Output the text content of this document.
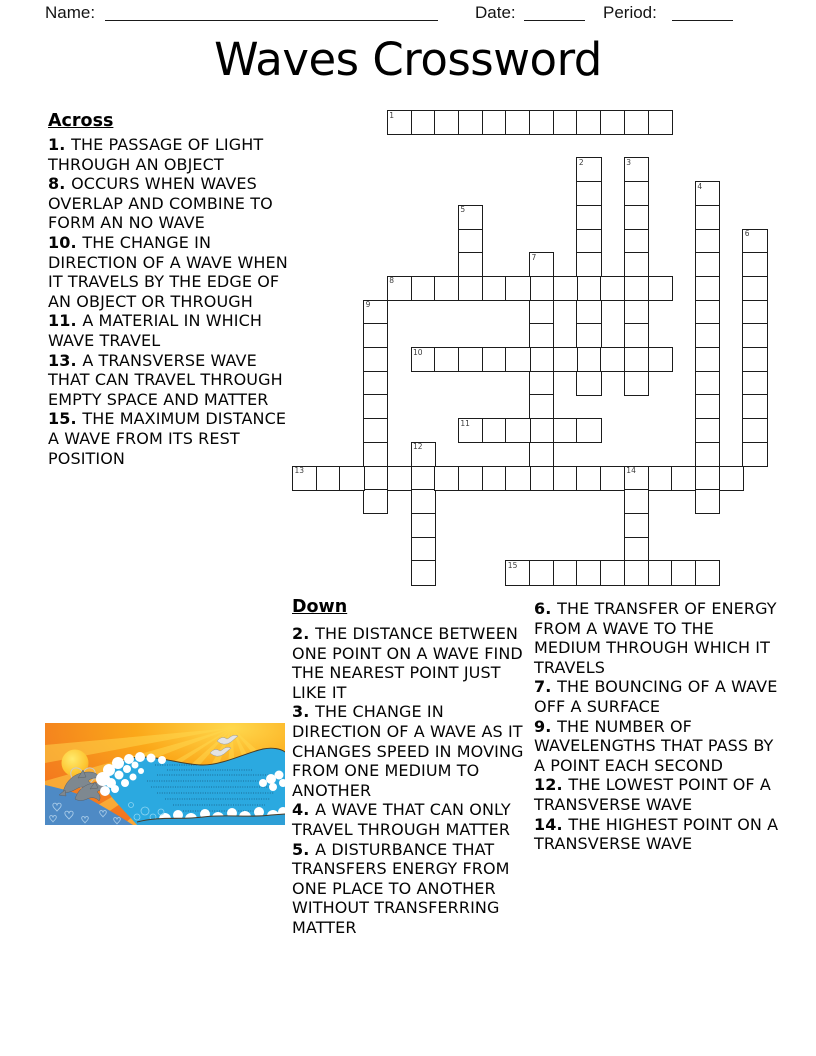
Name:	Date:	Period:
Waves Crossword
Across
1. THE PASSAGE OF LIGHT THROUGH AN OBJECT
8. OCCURS WHEN WAVES OVERLAP AND COMBINE TO FORM AN NO WAVE
10. THE CHANGE IN DIRECTION OF A WAVE WHEN IT TRAVELS BY THE EDGE OF AN OBJECT OR THROUGH
11. A MATERIAL IN WHICH WAVE TRAVEL
13. A TRANSVERSE WAVE THAT CAN TRAVEL THROUGH EMPTY SPACE AND MATTER
15. THE MAXIMUM DISTANCE A WAVE FROM ITS REST POSITION
1
2	3
4
5
6
7
8
9
10
11
12
13	14
15
Down
2. THE DISTANCE BETWEEN ONE POINT ON A WAVE FIND THE NEAREST POINT JUST LIKE IT
3. THE CHANGE IN DIRECTION OF A WAVE AS IT CHANGES SPEED IN MOVING FROM ONE MEDIUM TO ANOTHER
4. A WAVE THAT CAN ONLY TRAVEL THROUGH MATTER
5. A DISTURBANCE THAT TRANSFERS ENERGY FROM ONE PLACE TO ANOTHER WITHOUT TRANSFERRING MATTER
6. THE TRANSFER OF ENERGY FROM A WAVE TO THE MEDIUM THROUGH WHICH IT TRAVELS
7. THE BOUNCING OF A WAVE OFF A SURFACE
9. THE NUMBER OF WAVELENGTHS THAT PASS BY A POINT EACH SECOND
12. THE LOWEST POINT OF A TRANSVERSE WAVE
14. THE HIGHEST POINT ON A TRANSVERSE WAVE
